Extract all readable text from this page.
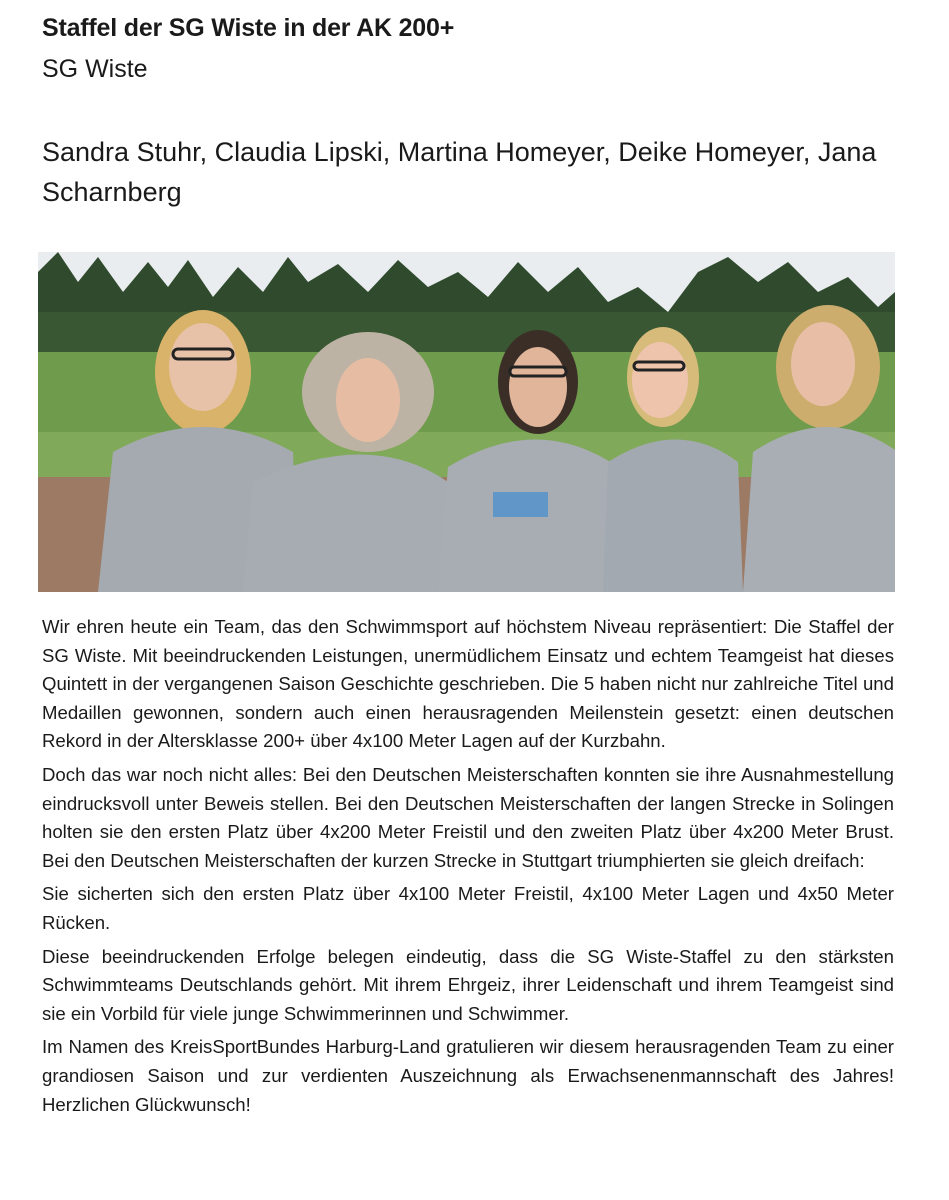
Staffel der SG Wiste in der AK 200+
SG Wiste
Sandra Stuhr, Claudia Lipski, Martina Homeyer, Deike Homeyer, Jana Scharnberg

Wir ehren heute ein Team, das den Schwimmsport auf höchstem Niveau repräsentiert: Die Staffel der SG Wiste. Mit beeindruckenden Leistungen, unermüdlichem Einsatz und echtem Teamgeist hat dieses Quintett in der vergangenen Saison Geschichte geschrieben. Die 5 haben nicht nur zahlreiche Titel und Medaillen gewonnen, sondern auch einen herausragenden Meilenstein gesetzt: einen deutschen Rekord in der Altersklasse 200+ über 4x100 Meter Lagen auf der Kurzbahn.

Doch das war noch nicht alles: Bei den Deutschen Meisterschaften konnten sie ihre Ausnahmestellung eindrucksvoll unter Beweis stellen. Bei den Deutschen Meisterschaften der langen Strecke in Solingen holten sie den ersten Platz über 4x200 Meter Freistil und den zweiten Platz über 4x200 Meter Brust. Bei den Deutschen Meisterschaften der kurzen Strecke in Stuttgart triumphierten sie gleich dreifach:

Sie sicherten sich den ersten Platz über 4x100 Meter Freistil, 4x100 Meter Lagen und 4x50 Meter Rücken.

Diese beeindruckenden Erfolge belegen eindeutig, dass die SG Wiste-Staffel zu den stärksten Schwimmteams Deutschlands gehört. Mit ihrem Ehrgeiz, ihrer Leidenschaft und ihrem Teamgeist sind sie ein Vorbild für viele junge Schwimmerinnen und Schwimmer.

Im Namen des KreisSportBundes Harburg-Land gratulieren wir diesem herausragenden Team zu einer grandiosen Saison und zur verdienten Auszeichnung als Erwachsenenmannschaft des Jahres! Herzlichen Glückwunsch!
